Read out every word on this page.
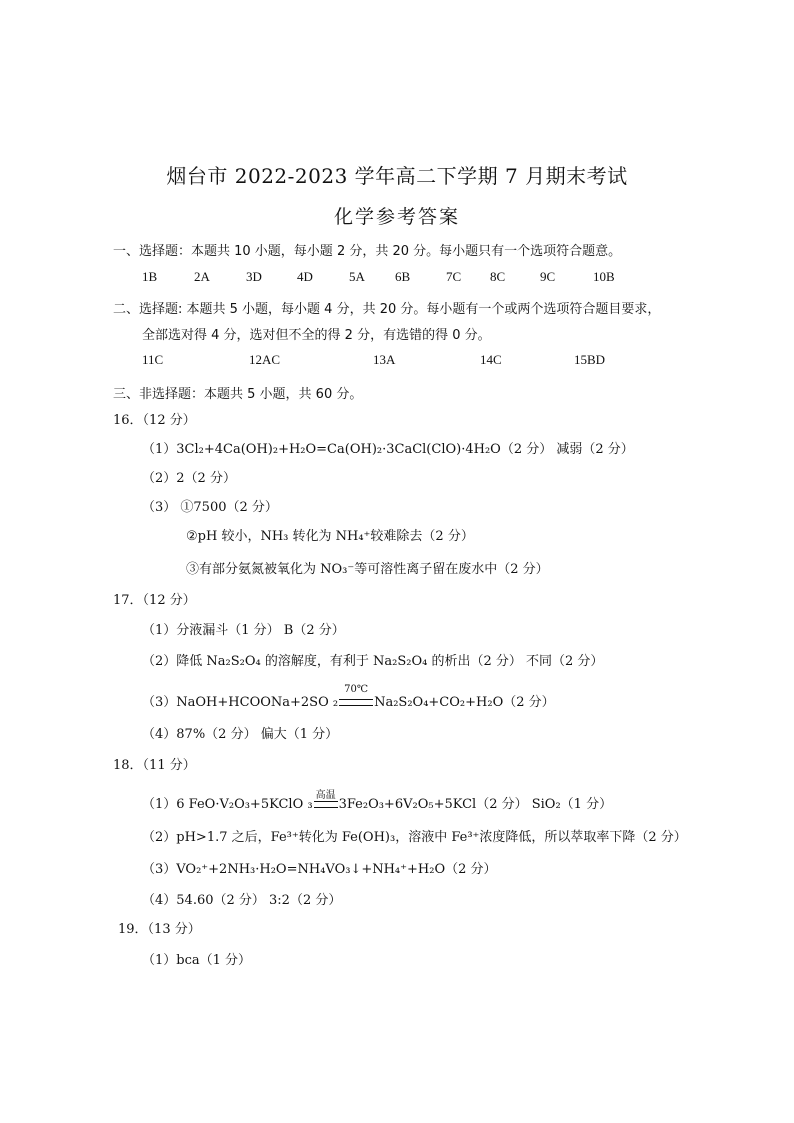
烟台市 2022-2023 学年高二下学期 7 月期末考试
化学参考答案
一、选择题：本题共 10 小题，每小题 2 分，共 20 分。每小题只有一个选项符合题意。
1B	2A	3D	4D	5A 6B	7C 8C	9C	10B
二、选择题: 本题共 5 小题，每小题 4 分，共 20 分。每小题有一个或两个选项符合题目要求，
全部选对得 4 分，选对但不全的得 2 分，有选错的得 0 分。
11C	12AC	13A	14C	15BD
三、非选择题：本题共 5 小题，共 60 分。
16．（12 分）
（1）3Cl₂+4Ca(OH)₂+H₂O=Ca(OH)₂·3CaCl(ClO)·4H₂O（2 分） 减弱（2 分）
（2）2（2 分）
（3） ①7500（2 分）
②pH 较小，NH₃ 转化为 NH₄⁺较难除去（2 分）
③有部分氨氮被氧化为 NO₃⁻等可溶性离子留在废水中（2 分）
17．（12 分）
（1）分液漏斗（1 分） B（2 分）
（2）降低 Na₂S₂O₄ 的溶解度，有利于 Na₂S₂O₄ 的析出（2 分） 不同（2 分）
（3）NaOH+HCOONa+2SO ₂
70℃
Na₂S₂O₄+CO₂+H₂O（2 分）
（4）87%（2 分） 偏大（1 分）
18．（11 分）
（1）6 FeO·V₂O₃+5KClO ₃
高温
3Fe₂O₃+6V₂O₅+5KCl（2 分） SiO₂（1 分）
（2）pH>1.7 之后，Fe³⁺转化为 Fe(OH)₃，溶液中 Fe³⁺浓度降低，所以萃取率下降（2 分）
（3）VO₂⁺+2NH₃·H₂O=NH₄VO₃↓+NH₄⁺+H₂O（2 分）
（4）54.60（2 分） 3:2（2 分）
19．（13 分）
（1）bca（1 分）
